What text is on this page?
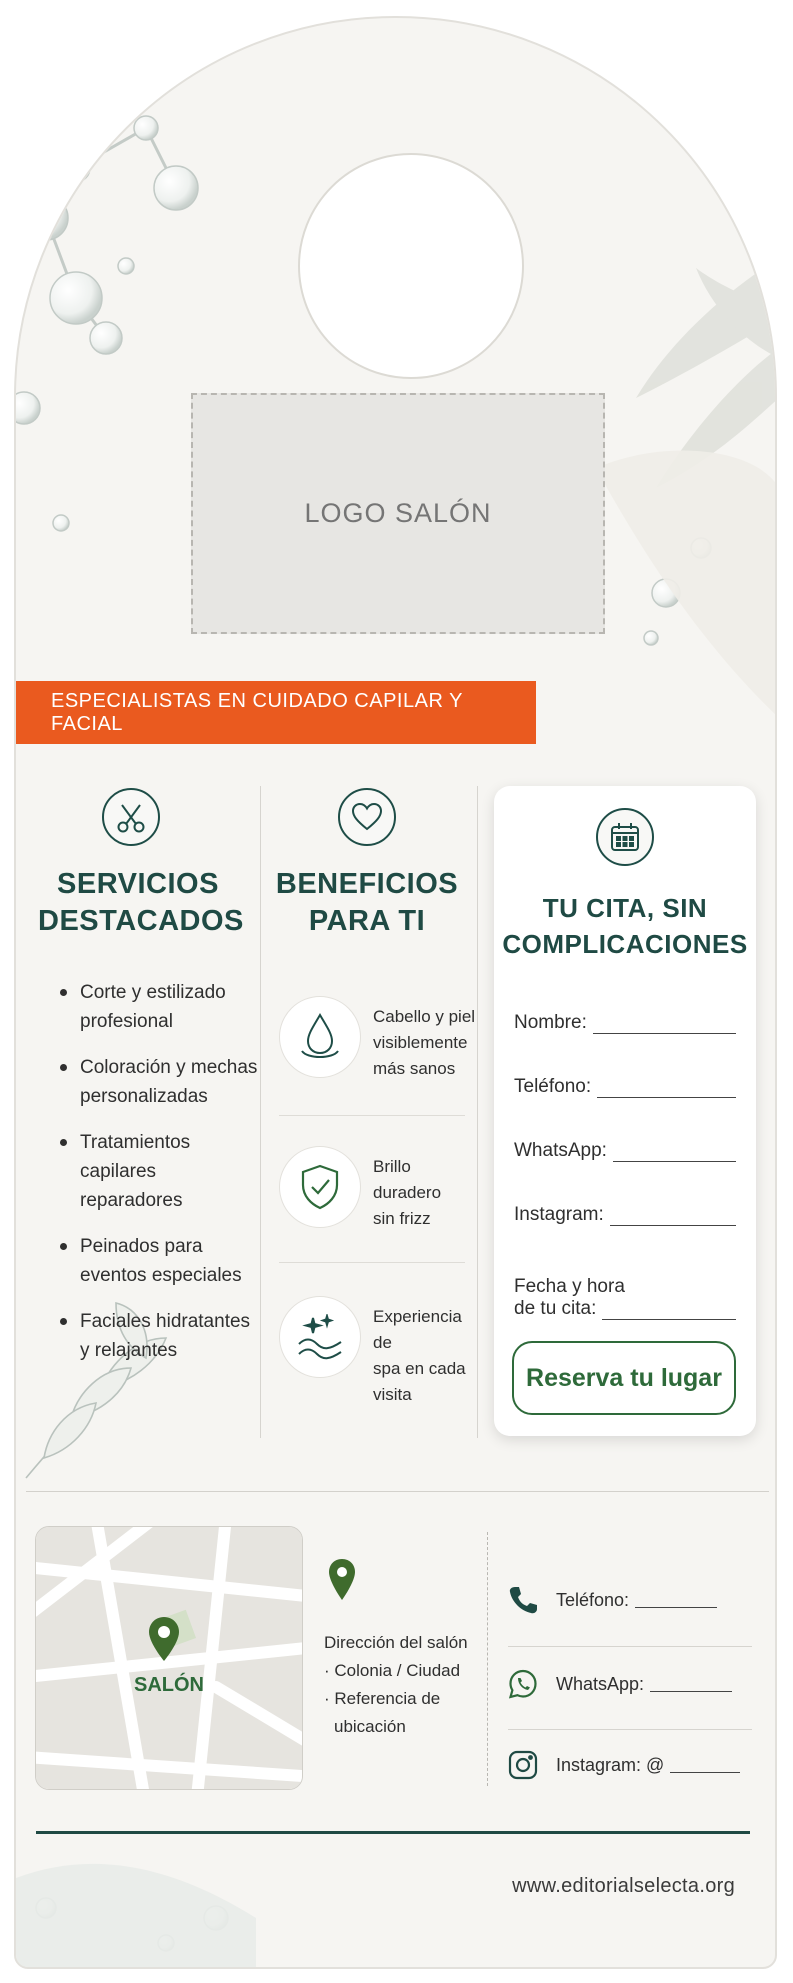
LOGO SALÓN
ESPECIALISTAS EN CUIDADO CAPILAR Y FACIAL
SERVICIOS
DESTACADOS
Corte y estilizado
profesional
Coloración y mechas
personalizadas
Tratamientos capilares
reparadores
Peinados para
eventos especiales
Faciales hidratantes
y relajantes
BENEFICIOS
PARA TI
Cabello y piel
visiblemente
más sanos
Brillo duradero
sin frizz
Experiencia de
spa en cada
visita
TU CITA, SIN
COMPLICACIONES
Nombre:
Teléfono:
WhatsApp:
Instagram:
Fecha y hora
de tu cita:
Reserva tu lugar
SALÓN
Dirección del salón
· Colonia / Ciudad
· Referencia de
ubicación
Teléfono:
WhatsApp:
Instagram: @
www.editorialselecta.org
